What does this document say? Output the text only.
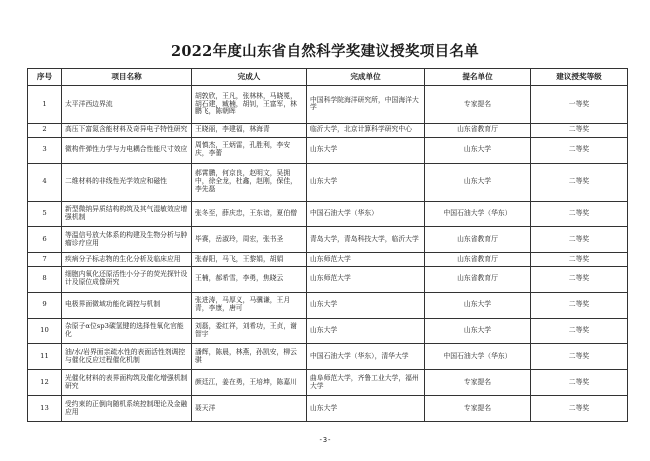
2022年度山东省自然科学奖建议授奖项目名单
序号	项目名称	完成人	完成单位	提名单位	建议授奖等级
1	太平洋西边界流	胡敦欣，王凡，张林林，马晓冕，胡石建，臧楠，胡钊，王富军，林鹏飞，陈朝晖	中国科学院海洋研究所，中国海洋大学	专家提名	一等奖
2	高压下富氮含能材料及奇异电子特性研究	王晓丽，李建福，林海青	临沂大学，北京计算科学研究中心	山东省教育厅	二等奖
3	微构件弹性力学与力电耦合性能尺寸效应	周慎杰，王炳雷，孔胜利，李安庆，李蕾	山东大学	山东大学	二等奖
4	二维材料的非线性光学效应和磁性	郝霄鹏，何京良，赵明文，吴拥中，徐全龙，杜鑫，赵刚，保佳，李先磊	山东大学	山东大学	二等奖
5	新型微纳异质结构构筑及其气湿敏效应增强机制	张冬至，薛庆忠，王东谙，夏伯僧	中国石油大学（华东）	中国石油大学（华东）	二等奖
6	等温信号放大体系的构建及生物分析与肿瘤诊疗应用	毕赛，岳淑玲，周宏，张书圣	青岛大学，青岛科技大学，临沂大学	山东省教育厅	二等奖
7	疾病分子标志物的生化分析及临床应用	张春阳，马飞，王黎娟，胡娟	山东师范大学	山东省教育厅	二等奖
8	细胞内氧化还原活性小分子的荧光探针设计及原位成像研究	王楠，郝希雪，李勇，焦晓云	山东师范大学	山东省教育厅	二等奖
9	电极界面微域功能化调控与机制	张进涛，马厚义，马骥谦，王月青，李康，唐可	山东大学	山东大学	二等奖
10	杂原子α位sp3碳氢键的选择性氧化官能化	刘磊，委红祥，刘希功，王贞，谢智宇	山东大学	山东大学	二等奖
11	油/水/岩界面亲疏水性的表面活性剂调控与催化反应过程催化机制	潘辉，陈晨，林燕，孙凯安，柳云骐	中国石油大学（华东），清华大学	中国石油大学（华东）	二等奖
12	光催化材料的表界面构筑及催化增强机制研究	颜廷江，姜在勇，王培坤，陈嘉川	曲阜师范大学，齐鲁工业大学，福州大学	专家提名	二等奖
13	受约束的正倒向随机系统控制理论及金融应用	聂天洋	山东大学	专家提名	二等奖
-3-
